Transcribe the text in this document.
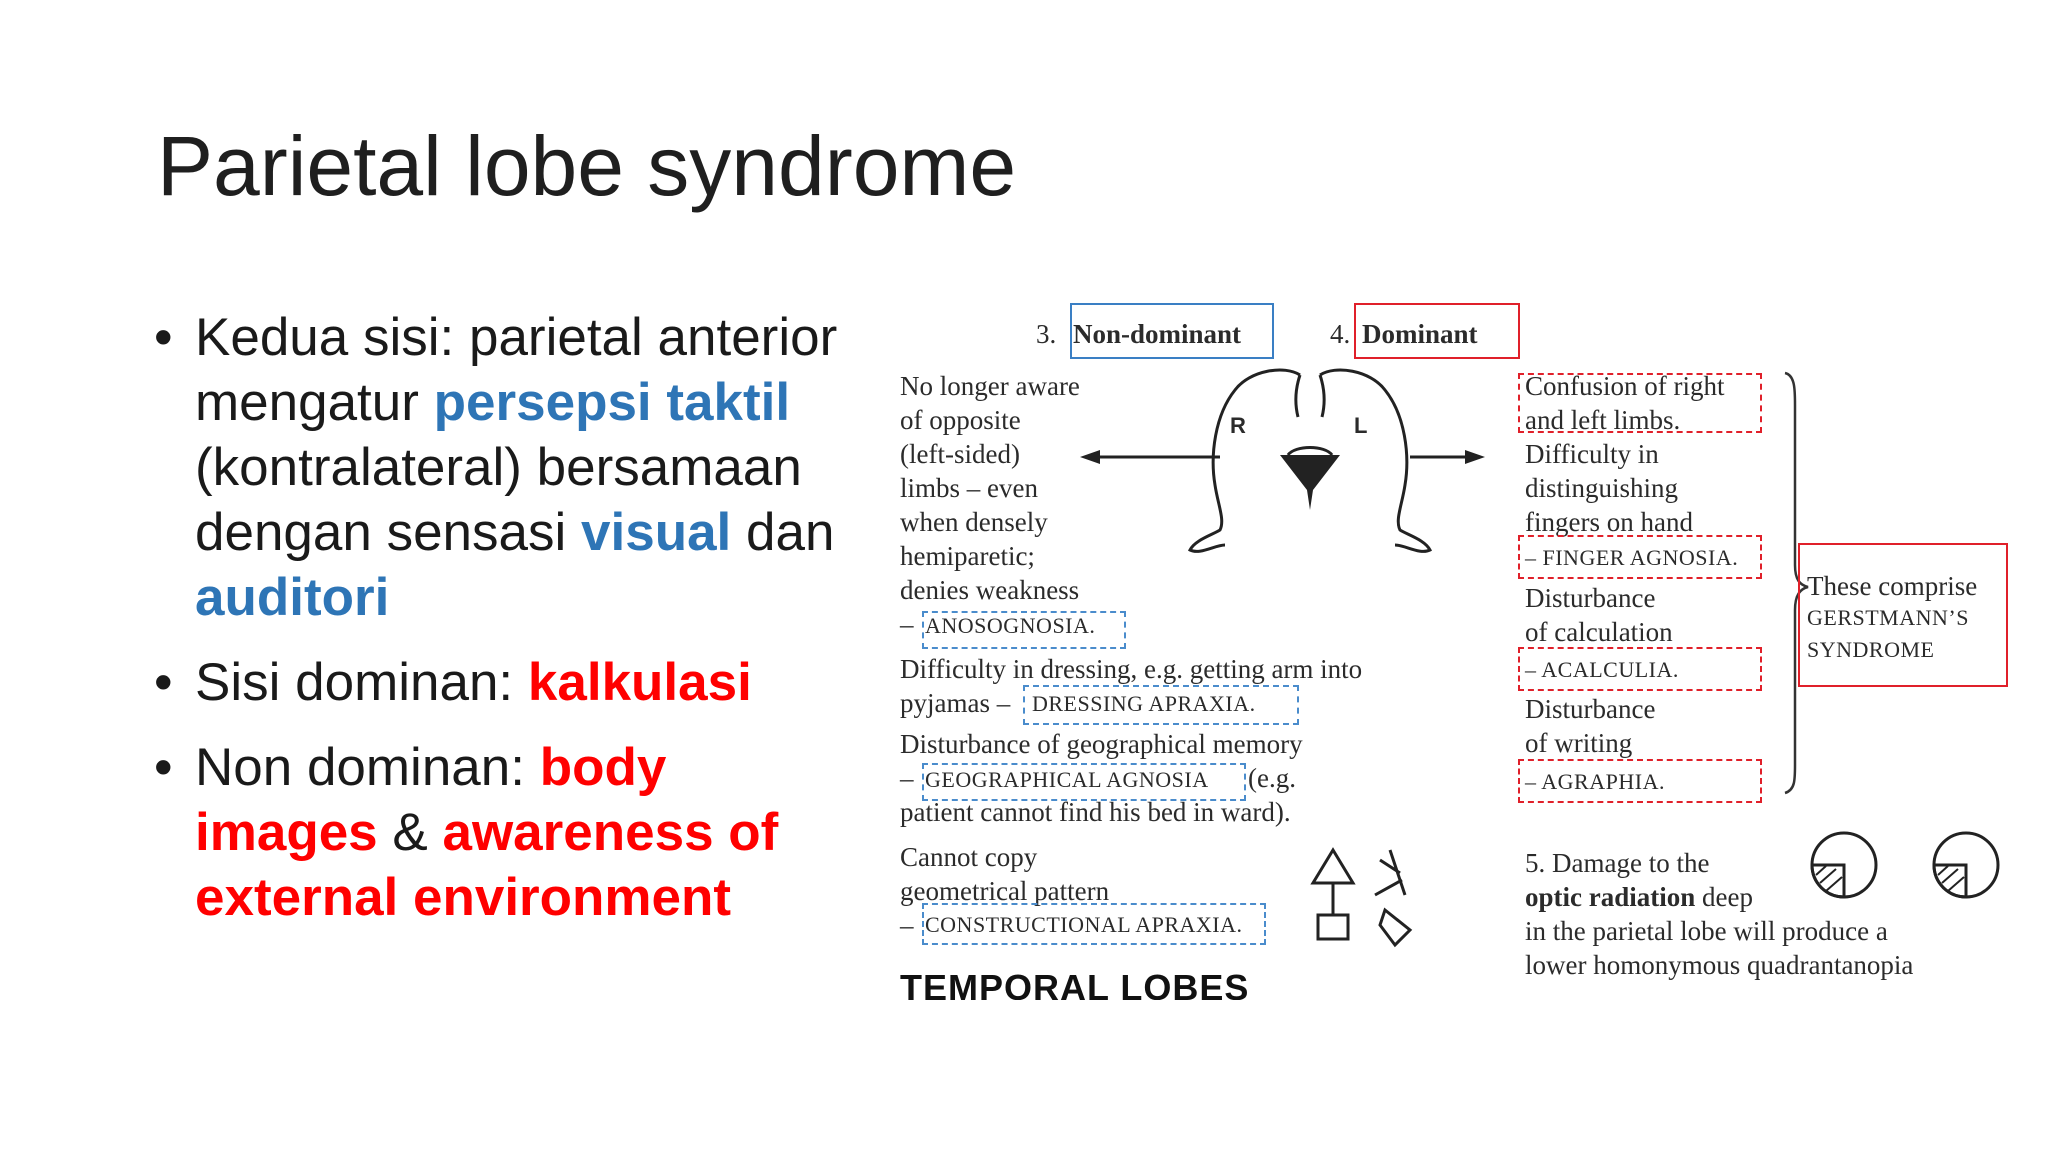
Parietal lobe syndrome
• Kedua sisi: parietal anterior mengatur persepsi taktil (kontralateral) bersamaan dengan sensasi visual dan auditori
• Sisi dominan: kalkulasi
• Non dominan: body images & awareness of external environment
3. Non-dominant	4. Dominant
No longer aware
of opposite
(left-sided)
limbs – even
when densely
hemiparetic;
denies weakness
– ANOSOGNOSIA.
Difficulty in dressing, e.g. getting arm into
pyjamas – DRESSING APRAXIA.
Disturbance of geographical memory
– GEOGRAPHICAL AGNOSIA (e.g.
patient cannot find his bed in ward).
Cannot copy
geometrical pattern
– CONSTRUCTIONAL APRAXIA.
TEMPORAL LOBES
R	L
Confusion of right
and left limbs.
Difficulty in
distinguishing
fingers on hand
– FINGER AGNOSIA.
Disturbance
of calculation
– ACALCULIA.
Disturbance
of writing
– AGRAPHIA.
These comprise
GERSTMANN’S
SYNDROME
5. Damage to the
optic radiation deep
in the parietal lobe will produce a
lower homonymous quadrantanopia
